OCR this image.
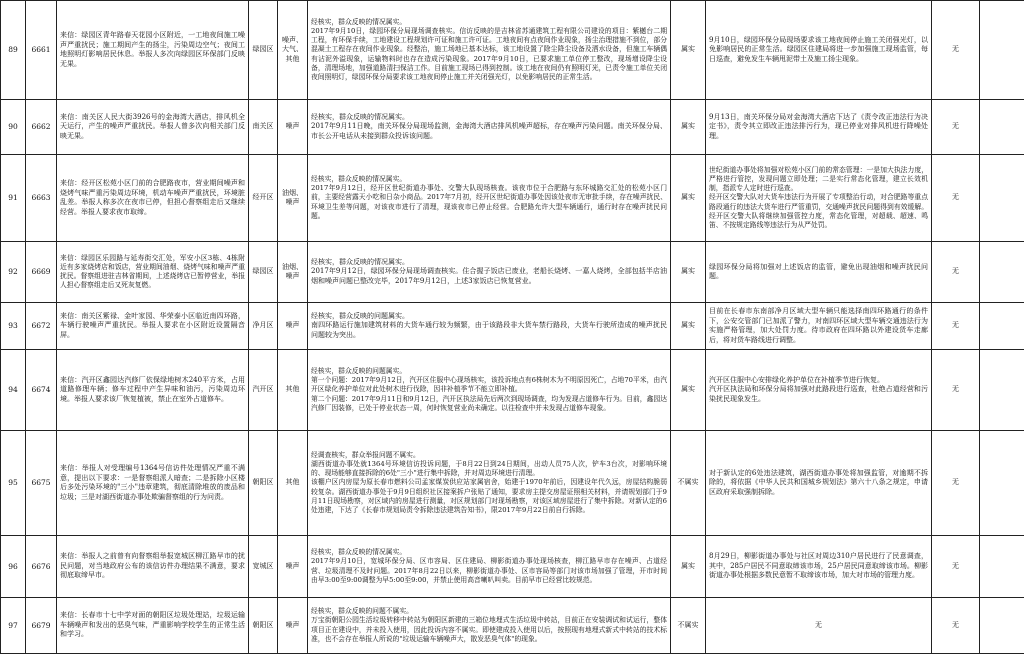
89	6661	来信：绿园区青年路春天花园小区附近，一工地夜间施工噪声严重扰民；施工期间产生的扬尘，污染周边空气；夜间工地照明灯影响居民休息。举报人多次向绿园区环保部门反映无果。	绿园区	噪声、大气、其他	经核实，群众反映的情况属实。
2017年9月10日，绿园环保分局现场调查核实。信访反映的是吉林省苏通建筑工程有限公司建设的项目：紫樾台二期工程，有环保手续，工地建设工程规划许可证和施工许可证。工地夜间有点夜间作业现象，扬尘治理措施不到位，部分混凝土工程存在夜间作业现象。经整治，施工场地已基本达标，该工地设置了除尘降尘设备及洒水设备，但施工车辆偶有沾泥外溢现象，运输物料时也存在造成污染现象。2017年9月10日，已要求施工单位停工整改，现场增设降尘设备，清理场地，加强道路清扫保洁工作。目前施工现场已得到控制。该工地在夜间仍有照明灯光，已责令施工单位关闭夜间照明灯，绿园环保分局要求该工地夜间停止施工并关闭强光灯，以免影响居民的正常生活。	属实	9月10日，绿园环保分局现场要求该工地夜间停止施工关闭强光灯，以免影响居民的正常生活。绿园区住建局将进一步加强施工现场监管，每日巡查，避免发生车辆甩泥带土及施工扬尘现象。	无	
90	6662	来信：南关区人民大街3926号的金海湾大酒店，排风机全天运行，产生的噪声严重扰民。举报人曾多次向相关部门反映无果。	南关区	噪声	经核实，群众反映的情况属实。
2017年9月11日晚，南关环保分局现场监测，金海湾大酒店排风机噪声超标，存在噪声污染问题。南关环保分局、市长公开电话从未接到群众投诉该问题。	属实	9月13日，南关环保分局对金海湾大酒店下达了《责令改正违法行为决定书》，责令其立即改正违法排污行为，现已停业对排风机进行降噪处理。	无	
91	6663	来信：经开区松苑小区门前的合肥路夜市，营业期间噪声和烧烤气味严重污染周边环境，机动车噪声严重扰民，环境脏乱差。举报人称多次在夜市已停，但担心督察组走后又继续经营。举报人要求夜市取缔。	经开区	油烟、噪声	经核实，群众反映的情况属实。
2017年9月12日，经开区世纪街道办事处、交警大队现场核查。该夜市位于合肥路与东环城路交汇处的松苑小区门前，主要经营露天小吃和日杂小商品。2017年7月初，经开区世纪街道办事处因该处夜市无审批手续，存在噪声扰民、环境卫生差等问题，对该夜市进行了清理，现该夜市已停止经营。合肥路允许大型车辆通行，通行时存在噪声扰民问题。	属实	世纪街道办事处将加强对松苑小区门前的常态管理：一是加大执法力度，严格进行管控，发现问题立即处理；二是实行常态化管理，建立长效机制，指派专人定时进行巡查。
经开区交警大队对大货车违法行为开展了专项整治行动，对合肥路等重点路段通行的违法大货车进行严管重罚，交通噪声扰民问题得到有效缓解。经开区交警大队将继续加强管控力度，常态化管理，对超载、超速、鸣笛、不按规定路线等违法行为从严处罚。	无	
92	6669	来信：绿园区乐园路与延寿街交汇处，军安小区3栋、4栋附近有多家烧烤店和饭店，营业期间油烟、烧烤气味和噪声严重扰民。督察组进驻吉林省期间，上述烧烤店已暂停营业，举报人担心督察组走后又死灰复燃。	绿园区	油烟、噪声	经核实，群众反映的情况属实。
2017年9月12日，绿园环保分局现场调查核实。住合握子饭店已废业，老船长烧烤、一嘉人烧烤，全部包括半店油烟和噪声问题已整改完毕，2017年9月12日，上述3家饭店已恢复营业。	属实	绿园环保分局将加强对上述饭店的监管，避免出现油烟和噪声扰民问题。	无	
93	6672	来信：南关区紫禄、金叶家园、华荣泰小区临近南四环路，车辆行驶噪声严重扰民。举报人要求在小区附近设置隔音屏。	净月区	噪声	经核实，群众反映的问题属实。
南四环路运行施加建筑材料的大货车通行较为频繁，由于该路段非大货车禁行路段，大货车行驶所造成的噪声扰民问题较为突出。	属实	目前在长春市东南部净月区域大型车辆只能选择南四环路通行的条件下，公安交管部门已加派了警力，对南四环区域大型车辆交通违法行为实施严格管理，加大处罚力度。待市政府在四环路以外建设货车走廊后，将对货车路线进行调整。	无	
94	6674	来信：汽开区鑫园达汽修厂依保绿地树木240平方米，占用道路修理车辆；修车过程中产生异味和油污，污染周边环境。举报人要求该厂恢复植被，禁止在室外占道修车。	汽开区	其他	经核实，群众反映的问题属实。
第一个问题：2017年9月12日，汽开区住服中心现场核实，该投诉地点有6株树木为不明原因死亡，占地70平米，由汽开区绿化养护单位对此处树木进行伐除，因非补植季节不能立即补植。
第二个问题：2017年9月11日和9月12日，汽开区执法局先后两次到现场调查，均为发现占道修车行为。目前，鑫园达汽修厂因装修，已处于停业状态一周，何时恢复营业尚未确定。以往检查中并未发现占道修车现象。	属实	汽开区住服中心安排绿化养护单位在补植季节进行恢复。
汽开区执法局和环保分局将加强对此路段进行巡查，杜绝占道经营和污染扰民现象发生。	无	
95	6675	来信：举报人对受理编号1364号信访件处理情况严重不满意，提出以下要求：一是督察组派人暗查；二是拆除小区楼后多处污染环境的"三小"违章建筑，彻底清除堆放的废品和垃圾；三是对湖西街道办事处欺骗督察组的行为问责。	朝阳区	其他	经调查核实，群众举报问题不属实。
湖西街道办事处就1364号环境信访投诉问题，于8月22日到24日期间，出动人员75人次，铲车3台次，对影响环境的、现场能够直接拆除的6处"三小"进行集中拆除，并对周边环境进行清理。
该棚户区内房屋为原长春市燃料公司孟家煤炭供应站家属宿舍，始建于1970年前后，因建设年代久远，房屋结构脆弱较复杂。湖西街道办事处于9月9日组织社区接案拆户张贴了通知，要求房主提交房屋证照相关材料，并请规划部门于9月11日现场勘察，对区域内的房屋进行测量，对区规划部门对现场勘察，对该区域房屋进行了集中拆除。对新认定的6处违建，下达了《长春市规划局责令拆除违法建筑告知书》，限2017年9月22日前自行拆除。	不属实	对于新认定的6处违法建筑，湖西街道办事处将加强监管，对逾期不拆除的，将依据《中华人民共和国城乡规划法》第六十八条之规定，申请区政府采取强制拆除。	无	
96	6676	来信：举报人之前曾有向督察组举报宽城区柳江路早市的扰民问题，对当地政府公布的该信访件办理结果不满意，要求彻底取缔早市。	宽城区	噪声	经核实，群众反映的情况属实。
2017年9月10日，宽城环保分局、区市容局、区住建局、柳影街道办事处现场核查，柳江路早市存在噪声、占道经营、垃圾清理不及时问题。2017年8月22日以来，柳影街道办事处、区市容局等部门对该市场加强了管理，开市时间由早3:00至9:00调整为早5:00至9:00，并禁止使用高音喇叭叫卖。目前早市已经营比较规范。	属实	8月29日，柳影街道办事处与社区对周边310户居民进行了民意调查，其中，285户居民不同意取缔该市场，25户居民同意取缔该市场。柳影街道办事处根据多数民意暂不取缔该市场，加大对市场的管理力度。	无	
97	6679	来信：长春市十七中学对面的朝阳区垃圾处理站，垃圾运输车辆噪声和发出的恶臭气味，严重影响学校学生的正常生活和学习。	朝阳区	噪声	经核实，群众反映的问题不属实。
万宝街朝阳公园生活垃圾转移中转站为朝阳区新建的三箱位地埋式生活垃圾中转站，目前正在安装调试和试运行，整体项目正在建设中，并未投入使用，因此投诉内容不属实。即使建成投入使用以后，按照现有地埋式新式中转站的技术标准，也不会存在举报人所说的"垃圾运输车辆噪声大，散发恶臭气体"的现象。	不属实	无	无	
